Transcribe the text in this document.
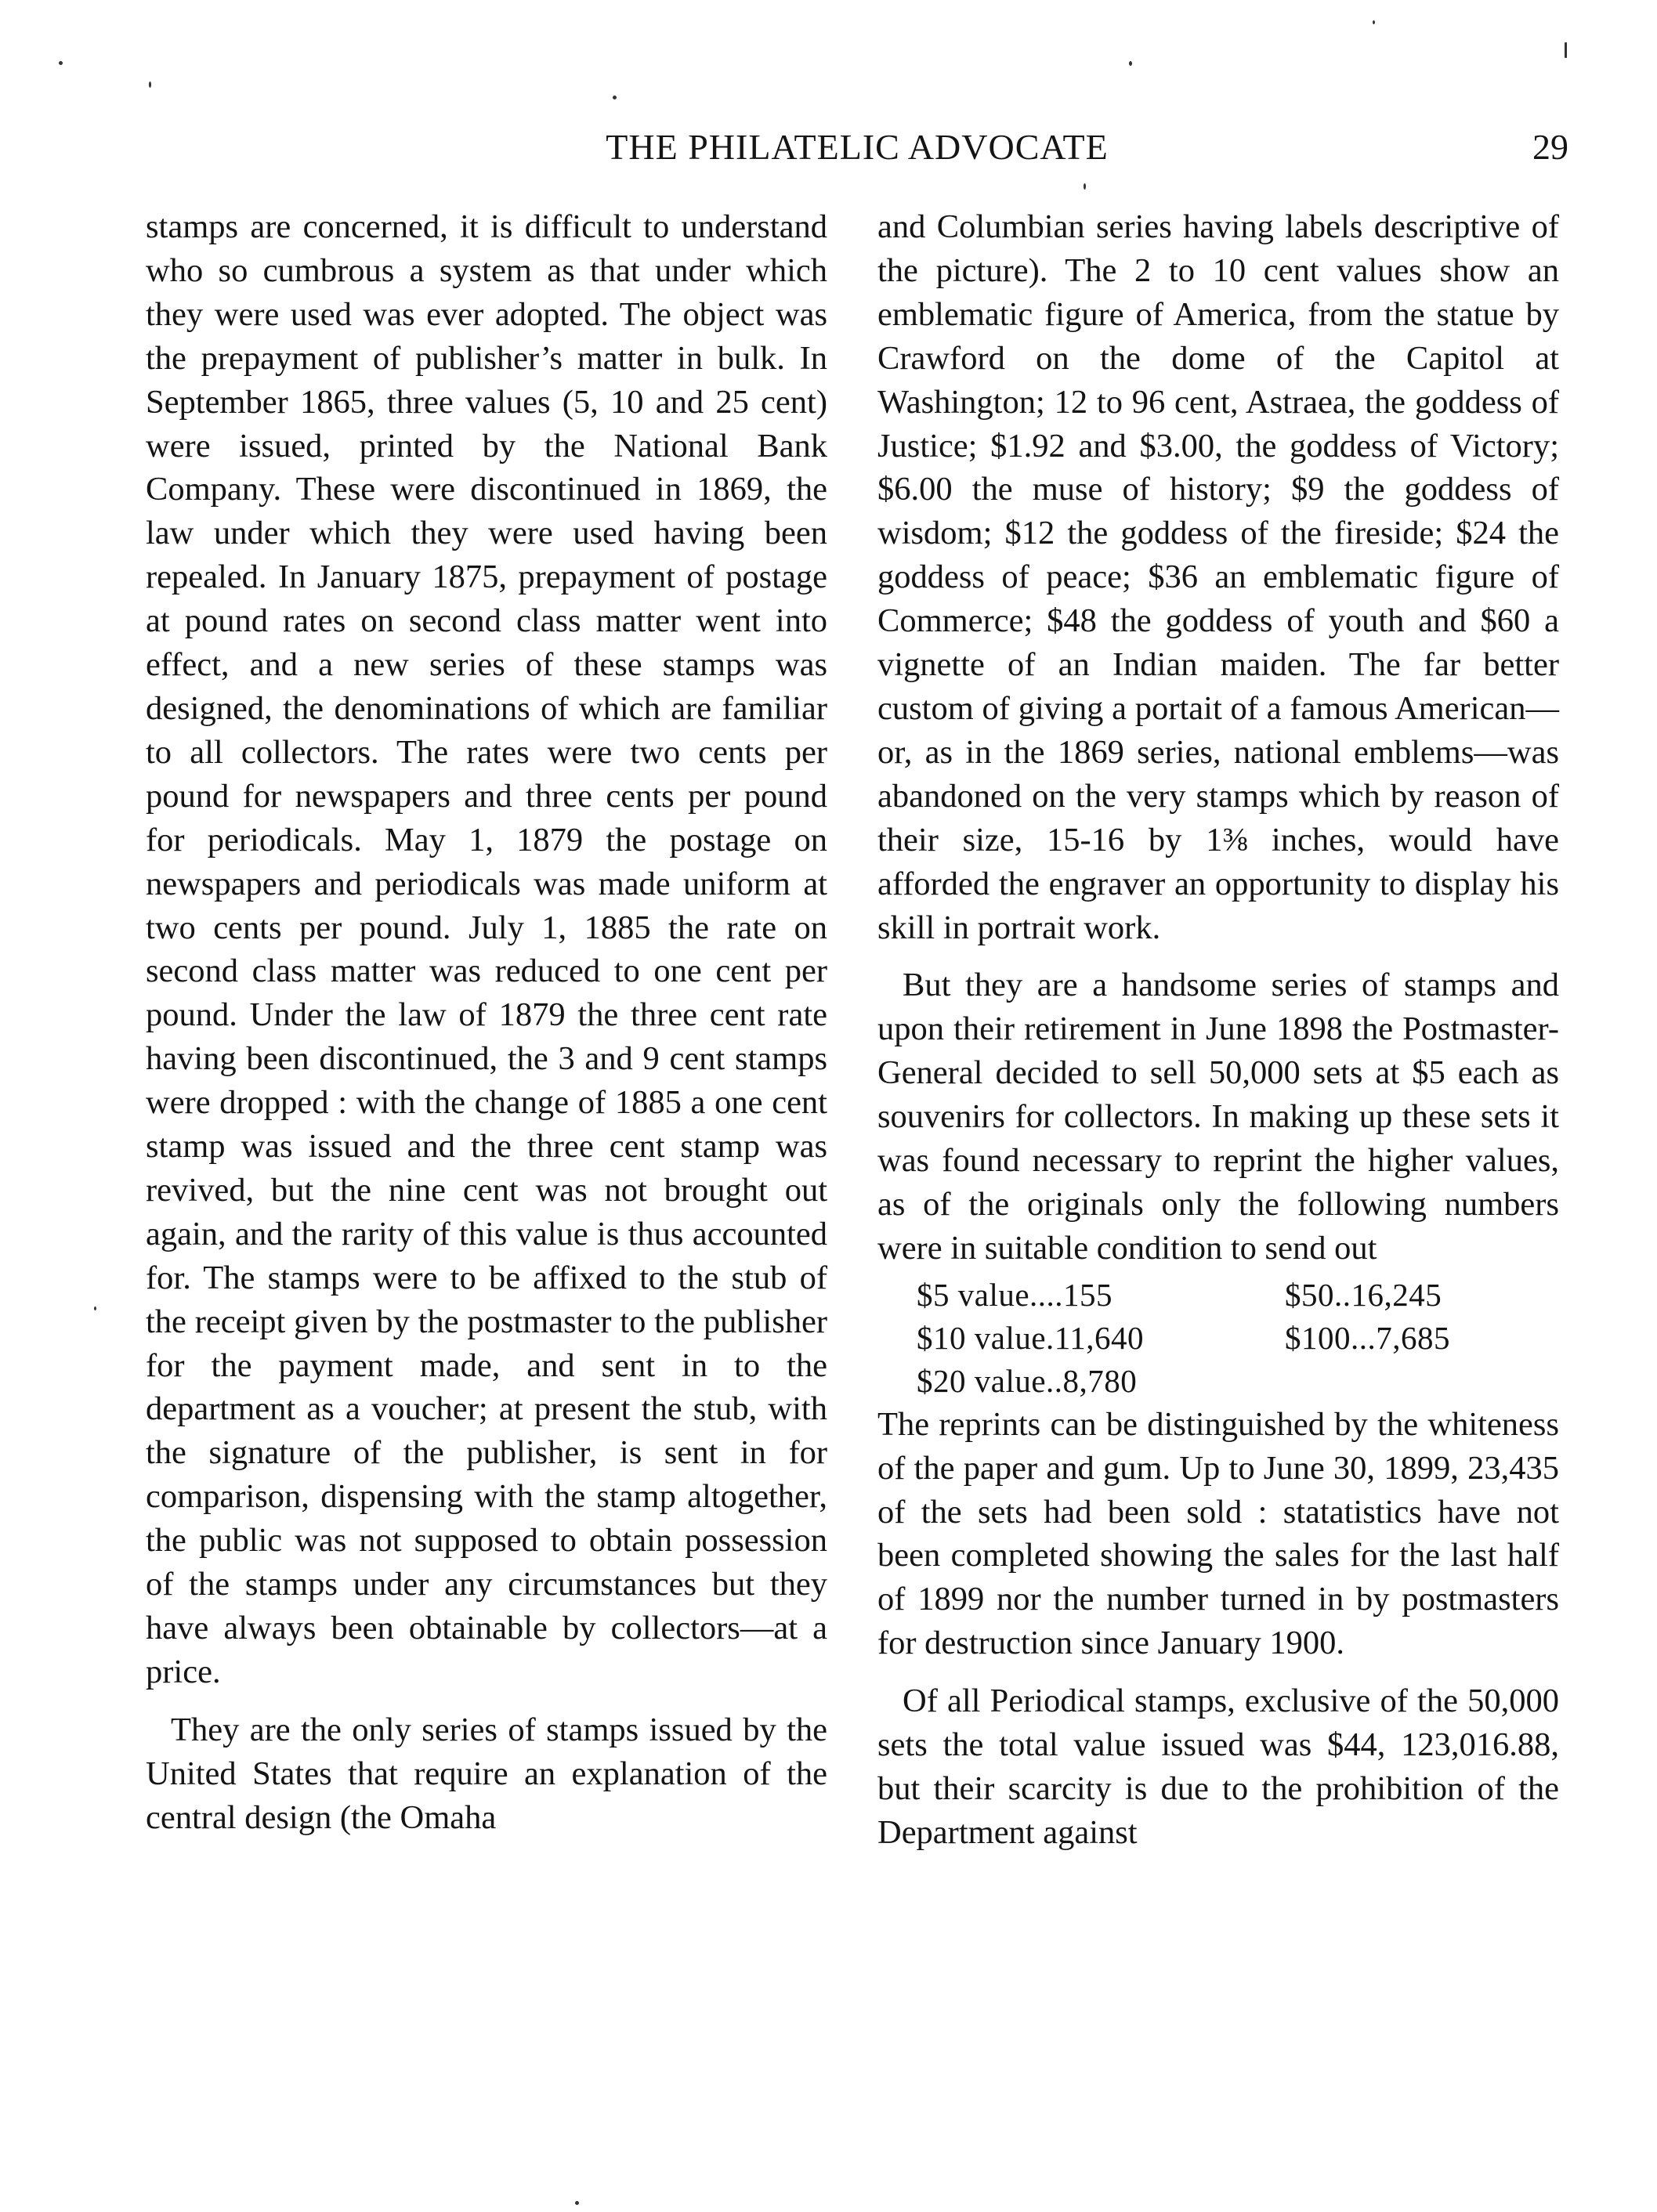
THE PHILATELIC ADVOCATE	29

stamps are concerned, it is difficult to understand who so cumbrous a system as that under which they were used was ever adopted. The object was the prepayment of publisher’s matter in bulk. In September 1865, three values (5, 10 and 25 cent) were issued, printed by the National Bank Company. These were discontinued in 1869, the law under which they were used having been repealed. In January 1875, prepayment of postage at pound rates on second class matter went into effect, and a new series of these stamps was designed, the denominations of which are familiar to all collectors. The rates were two cents per pound for newspapers and three cents per pound for periodicals. May 1, 1879 the postage on newspapers and periodicals was made uniform at two cents per pound. July 1, 1885 the rate on second class matter was reduced to one cent per pound. Under the law of 1879 the three cent rate having been discontinued, the 3 and 9 cent stamps were dropped : with the change of 1885 a one cent stamp was issued and the three cent stamp was revived, but the nine cent was not brought out again, and the rarity of this value is thus accounted for. The stamps were to be affixed to the stub of the receipt given by the postmaster to the publisher for the payment made, and sent in to the department as a voucher; at present the stub, with the signature of the publisher, is sent in for comparison, dispensing with the stamp altogether, the public was not supposed to obtain possession of the stamps under any circumstances but they have always been obtainable by collectors—at a price.

They are the only series of stamps issued by the United States that require an explanation of the central design (the Omaha

and Columbian series having labels descriptive of the picture). The 2 to 10 cent values show an emblematic figure of America, from the statue by Crawford on the dome of the Capitol at Washington; 12 to 96 cent, Astraea, the goddess of Justice; $1.92 and $3.00, the goddess of Victory; $6.00 the muse of history; $9 the goddess of wisdom; $12 the goddess of the fireside; $24 the goddess of peace; $36 an emblematic figure of Commerce; $48 the goddess of youth and $60 a vignette of an Indian maiden. The far better custom of giving a portait of a famous American—or, as in the 1869 series, national emblems—was abandoned on the very stamps which by reason of their size, 15-16 by 1⅜ inches, would have afforded the engraver an opportunity to display his skill in portrait work.

But they are a handsome series of stamps and upon their retirement in June 1898 the Postmaster-General decided to sell 50,000 sets at $5 each as souvenirs for collectors. In making up these sets it was found necessary to reprint the higher values, as of the originals only the following numbers were in suitable condition to send out

$5 value....155	$50..16,245
$10 value.11,640	$100...7,685
$20 value..8,780

The reprints can be distinguished by the whiteness of the paper and gum. Up to June 30, 1899, 23,435 of the sets had been sold : statatistics have not been completed showing the sales for the last half of 1899 nor the number turned in by postmasters for destruction since January 1900.

Of all Periodical stamps, exclusive of the 50,000 sets the total value issued was $44, 123,016.88, but their scarcity is due to the prohibition of the Department against
